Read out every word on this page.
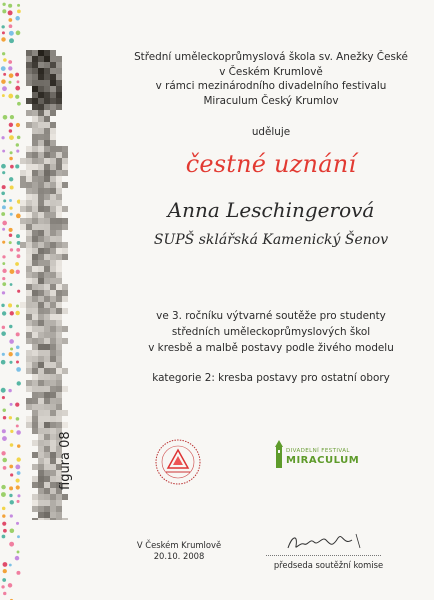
figura 08
Střední uměleckoprůmyslová škola sv. Anežky České
v Českém Krumlově
v rámci mezinárodního divadelního festivalu
Miraculum Český Krumlov
uděluje
čestné uznání
Anna Leschingerová
SUPŠ sklářská Kamenický Šenov
ve 3. ročníku výtvarné soutěže pro studenty
středních uměleckoprůmyslových škol
v kresbě a malbě postavy podle živého modelu
kategorie 2: kresba postavy pro ostatní obory
DIVADELNÍ FESTIVAL
MIRACULUM
V Českém Krumlově
20.10. 2008
předseda soutěžní komise
